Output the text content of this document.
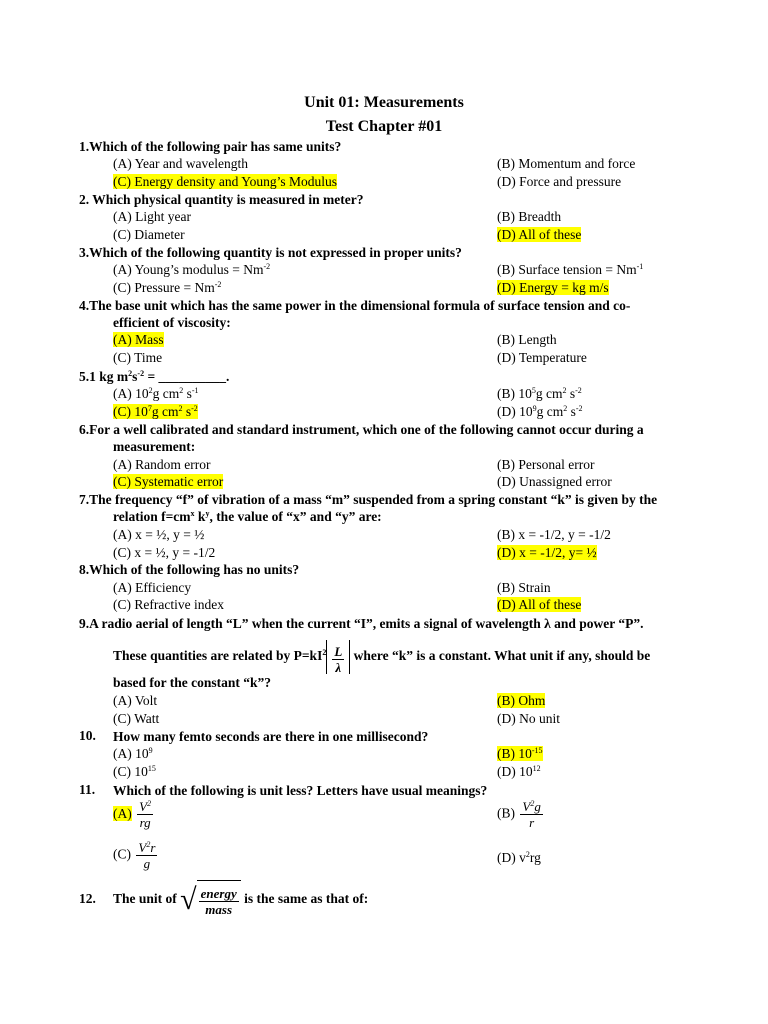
Unit 01: Measurements
Test Chapter #01
1.Which of the following pair has same units?
(A) Year and wavelength	(B) Momentum and force
(C) Energy density and Young’s Modulus	(D) Force and pressure
2. Which physical quantity is measured in meter?
(A) Light year	(B) Breadth
(C) Diameter	(D) All of these
3.Which of the following quantity is not expressed in proper units?
(A) Young’s modulus = $Nm^{-2}$	(B) Surface tension = $Nm^{-1}$
(C) Pressure = $Nm^{-2}$	(D) Energy = kg m/s
4.The base unit which has the same power in the dimensional formula of surface tension and co-
efficient of viscosity:
(A) Mass	(B) Length
(C) Time	(D) Temperature
5.1 kg $m^2s^{-2}$ = __________.
(A) $10^2g$ $cm^2$ $s^{-1}$	(B) $10^5g$ $cm^2$ $s^{-2}$
(C) $10^7g$ $cm^2$ $s^{-2}$	(D) $10^9g$ $cm^2$ $s^{-2}$
6.For a well calibrated and standard instrument, which one of the following cannot occur during a
measurement:
(A) Random error	(B) Personal error
(C) Systematic error	(D) Unassigned error
7.The frequency “f” of vibration of a mass “m” suspended from a spring constant “k” is given by the
relation $f=cm^x$ $k^y$, the value of “x” and “y” are:
(A) x = ½, y = ½	(B) x = -1/2, y = -1/2
(C) x = ½, y = -1/2	(D) x = -1/2, y= ½
8.Which of the following has no units?
(A) Efficiency	(B) Strain
(C) Refractive index	(D) All of these
9.A radio aerial of length “L” when the current “I”, emits a signal of wavelength λ and power “P”.
These quantities are related by $P=kI^2 \frac{L}{\lambda}$ where “k” is a constant. What unit if any, should be
based for the constant “k”?
(A) Volt	(B) Ohm
(C) Watt	(D) No unit
10. How many femto seconds are there in one millisecond?
(A) $10^9$	(B) $10^{-15}$
(C) $10^{15}$	(D) $10^{12}$
11. Which of the following is unit less? Letters have usual meanings?
$(A) \frac{V^2}{rg}$	$(B) \frac{V^2g}{r}$
$(C) \frac{V^2r}{g}$	(D) $v^2rg$
12. The unit of √ $\frac{\text{energy}}{\text{mass}}$ is the same as that of:
